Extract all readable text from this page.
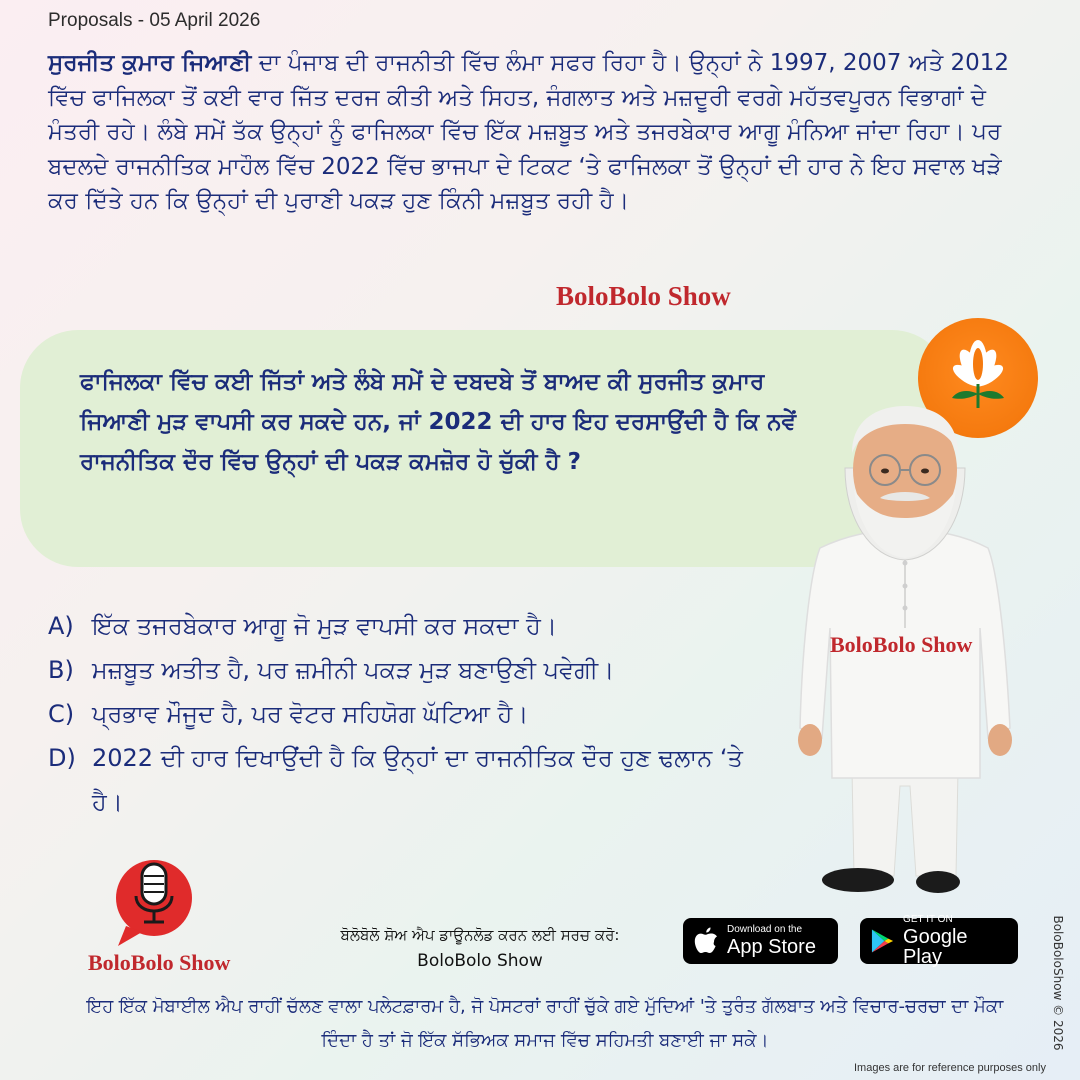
Proposals - 05 April 2026
ਸੁਰਜੀਤ ਕੁਮਾਰ ਜਿਆਣੀ ਦਾ ਪੰਜਾਬ ਦੀ ਰਾਜਨੀਤੀ ਵਿੱਚ ਲੰਮਾ ਸਫਰ ਰਿਹਾ ਹੈ। ਉਨ੍ਹਾਂ ਨੇ 1997, 2007 ਅਤੇ 2012 ਵਿੱਚ ਫਾਜਿਲਕਾ ਤੋਂ ਕਈ ਵਾਰ ਜਿੱਤ ਦਰਜ ਕੀਤੀ ਅਤੇ ਸਿਹਤ, ਜੰਗਲਾਤ ਅਤੇ ਮਜ਼ਦੂਰੀ ਵਰਗੇ ਮਹੱਤਵਪੂਰਨ ਵਿਭਾਗਾਂ ਦੇ ਮੰਤਰੀ ਰਹੇ। ਲੰਬੇ ਸਮੇਂ ਤੱਕ ਉਨ੍ਹਾਂ ਨੂੰ ਫਾਜਿਲਕਾ ਵਿੱਚ ਇੱਕ ਮਜ਼ਬੂਤ ਅਤੇ ਤਜਰਬੇਕਾਰ ਆਗੂ ਮੰਨਿਆ ਜਾਂਦਾ ਰਿਹਾ। ਪਰ ਬਦਲਦੇ ਰਾਜਨੀਤਿਕ ਮਾਹੌਲ ਵਿੱਚ 2022 ਵਿੱਚ ਭਾਜਪਾ ਦੇ ਟਿਕਟ ‘ਤੇ ਫਾਜਿਲਕਾ ਤੋਂ ਉਨ੍ਹਾਂ ਦੀ ਹਾਰ ਨੇ ਇਹ ਸਵਾਲ ਖੜੇ ਕਰ ਦਿੱਤੇ ਹਨ ਕਿ ਉਨ੍ਹਾਂ ਦੀ ਪੁਰਾਣੀ ਪਕੜ ਹੁਣ ਕਿੰਨੀ ਮਜ਼ਬੂਤ ਰਹੀ ਹੈ।
BoloBolo Show
ਫਾਜਿਲਕਾ ਵਿੱਚ ਕਈ ਜਿੱਤਾਂ ਅਤੇ ਲੰਬੇ ਸਮੇਂ ਦੇ ਦਬਦਬੇ ਤੋਂ ਬਾਅਦ ਕੀ ਸੁਰਜੀਤ ਕੁਮਾਰ ਜਿਆਣੀ ਮੁੜ ਵਾਪਸੀ ਕਰ ਸਕਦੇ ਹਨ, ਜਾਂ 2022 ਦੀ ਹਾਰ ਇਹ ਦਰਸਾਉਂਦੀ ਹੈ ਕਿ ਨਵੇਂ ਰਾਜਨੀਤਿਕ ਦੌਰ ਵਿੱਚ ਉਨ੍ਹਾਂ ਦੀ ਪਕੜ ਕਮਜ਼ੋਰ ਹੋ ਚੁੱਕੀ ਹੈ ?
BoloBolo Show
A) ਇੱਕ ਤਜਰਬੇਕਾਰ ਆਗੂ ਜੋ ਮੁੜ ਵਾਪਸੀ ਕਰ ਸਕਦਾ ਹੈ।
B) ਮਜ਼ਬੂਤ ਅਤੀਤ ਹੈ, ਪਰ ਜ਼ਮੀਨੀ ਪਕੜ ਮੁੜ ਬਣਾਉਣੀ ਪਵੇਗੀ।
C) ਪ੍ਰਭਾਵ ਮੌਜੂਦ ਹੈ, ਪਰ ਵੋਟਰ ਸਹਿਯੋਗ ਘੱਟਿਆ ਹੈ।
D) 2022 ਦੀ ਹਾਰ ਦਿਖਾਉਂਦੀ ਹੈ ਕਿ ਉਨ੍ਹਾਂ ਦਾ ਰਾਜਨੀਤਿਕ ਦੌਰ ਹੁਣ ਢਲਾਨ ‘ਤੇ ਹੈ।
BoloBolo Show
ਬੋਲੋਬੋਲੋ ਸ਼ੋਅ ਐਪ ਡਾਊਨਲੋਡ ਕਰਨ ਲਈ ਸਰਚ ਕਰੋ:
BoloBolo Show
Download on the
App Store
GET IT ON
Google Play
ਇਹ ਇੱਕ ਮੋਬਾਈਲ ਐਪ ਰਾਹੀਂ ਚੱਲਣ ਵਾਲਾ ਪਲੇਟਫ਼ਾਰਮ ਹੈ, ਜੋ ਪੋਸਟਰਾਂ ਰਾਹੀਂ ਚੁੱਕੇ ਗਏ ਮੁੱਦਿਆਂ 'ਤੇ ਤੁਰੰਤ ਗੱਲਬਾਤ ਅਤੇ ਵਿਚਾਰ-ਚਰਚਾ ਦਾ ਮੌਕਾ ਦਿੰਦਾ ਹੈ ਤਾਂ ਜੋ ਇੱਕ ਸੱਭਿਅਕ ਸਮਾਜ ਵਿੱਚ ਸਹਿਮਤੀ ਬਣਾਈ ਜਾ ਸਕੇ।	BoloBoloShow © 2026
Images are for reference purposes only
